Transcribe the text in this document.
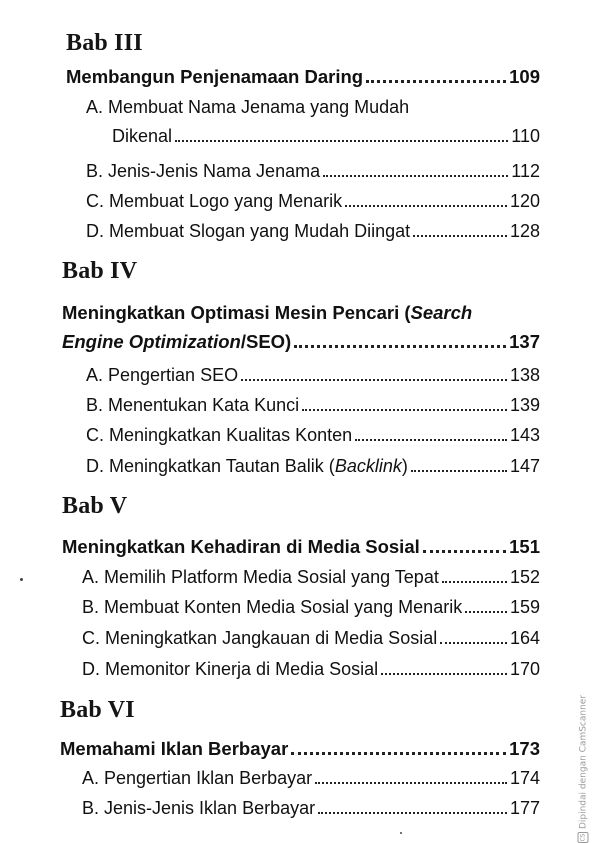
Bab III
Membangun Penjenamaan Daring	109
A. Membuat Nama Jenama yang Mudah
Dikenal	110
B. Jenis-Jenis Nama Jenama	112
C. Membuat Logo yang Menarik	120
D. Membuat Slogan yang Mudah Diingat	128
Bab IV
Meningkatkan Optimasi Mesin Pencari (Search
Engine Optimization/SEO)	137
A. Pengertian SEO	138
B. Menentukan Kata Kunci	139
C. Meningkatkan Kualitas Konten	143
D. Meningkatkan Tautan Balik (Backlink)	147
Bab V
Meningkatkan Kehadiran di Media Sosial	151
A. Memilih Platform Media Sosial yang Tepat	152
B. Membuat Konten Media Sosial yang Menarik	159
C. Meningkatkan Jangkauan di Media Sosial	164
D. Memonitor Kinerja di Media Sosial	170
Bab VI
Memahami Iklan Berbayar	173
A. Pengertian Iklan Berbayar	174
B. Jenis-Jenis Iklan Berbayar	177
CSDipindai dengan CamScanner
